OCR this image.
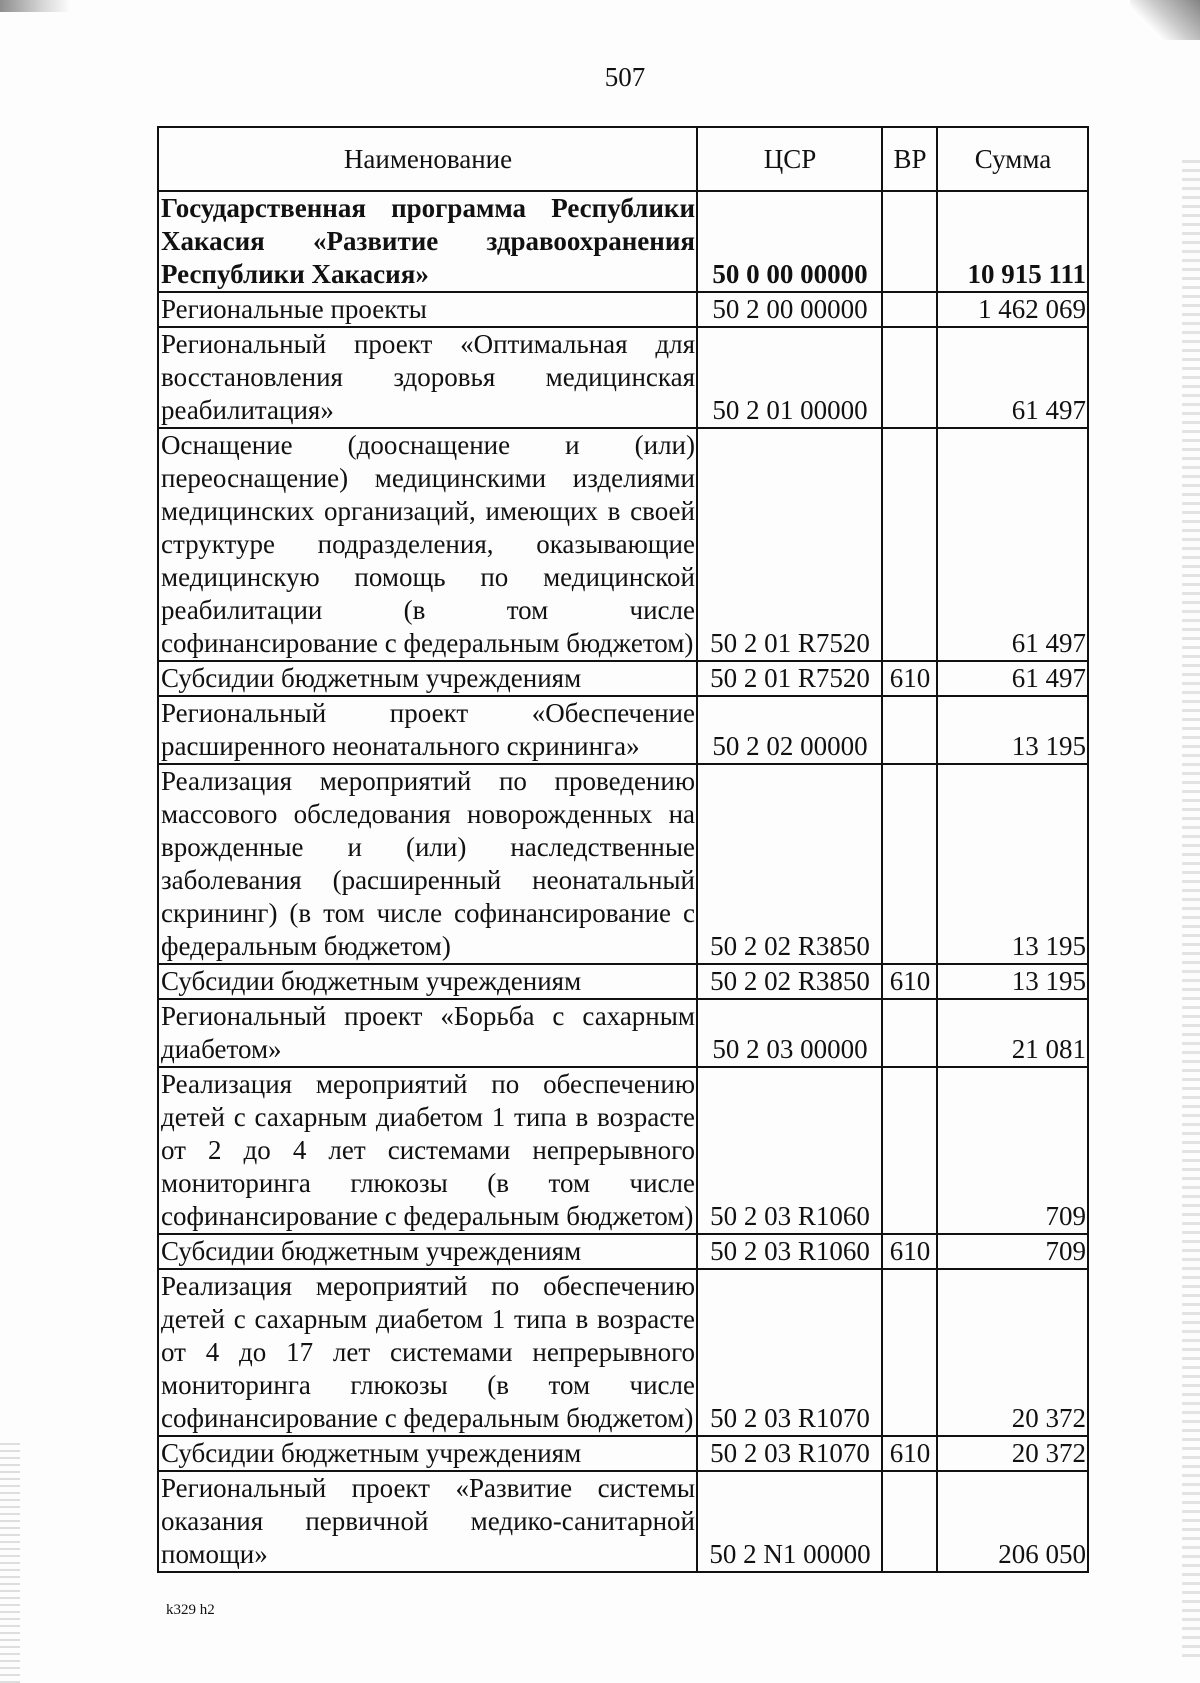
507
Наименование	ЦСР	ВР	Сумма
Государственная программа Республики Хакасия «Развитие здравоохранения Республики Хакасия»	50 0 00 00000		10 915 111
Региональные проекты	50 2 00 00000		1 462 069
Региональный проект «Оптимальная для восстановления здоровья медицинская реабилитация»	50 2 01 00000		61 497
Оснащение (дооснащение и (или) переоснащение) медицинскими изделиями медицинских организаций, имеющих в своей структуре подразделения, оказывающие медицинскую помощь по медицинской реабилитации (в том числе софинансирование с федеральным бюджетом)	50 2 01 R7520		61 497
Субсидии бюджетным учреждениям	50 2 01 R7520	610	61 497
Региональный проект «Обеспечение расширенного неонатального скрининга»	50 2 02 00000		13 195
Реализация мероприятий по проведению массового обследования новорожденных на врожденные и (или) наследственные заболевания (расширенный неонатальный скрининг) (в том числе софинансирование с федеральным бюджетом)	50 2 02 R3850		13 195
Субсидии бюджетным учреждениям	50 2 02 R3850	610	13 195
Региональный проект «Борьба с сахарным диабетом»	50 2 03 00000		21 081
Реализация мероприятий по обеспечению детей с сахарным диабетом 1 типа в возрасте от 2 до 4 лет системами непрерывного мониторинга глюкозы (в том числе софинансирование с федеральным бюджетом)	50 2 03 R1060		709
Субсидии бюджетным учреждениям	50 2 03 R1060	610	709
Реализация мероприятий по обеспечению детей с сахарным диабетом 1 типа в возрасте от 4 до 17 лет системами непрерывного мониторинга глюкозы (в том числе софинансирование с федеральным бюджетом)	50 2 03 R1070		20 372
Субсидии бюджетным учреждениям	50 2 03 R1070	610	20 372
Региональный проект «Развитие системы оказания первичной медико-санитарной помощи»	50 2 N1 00000		206 050
k329 h2
